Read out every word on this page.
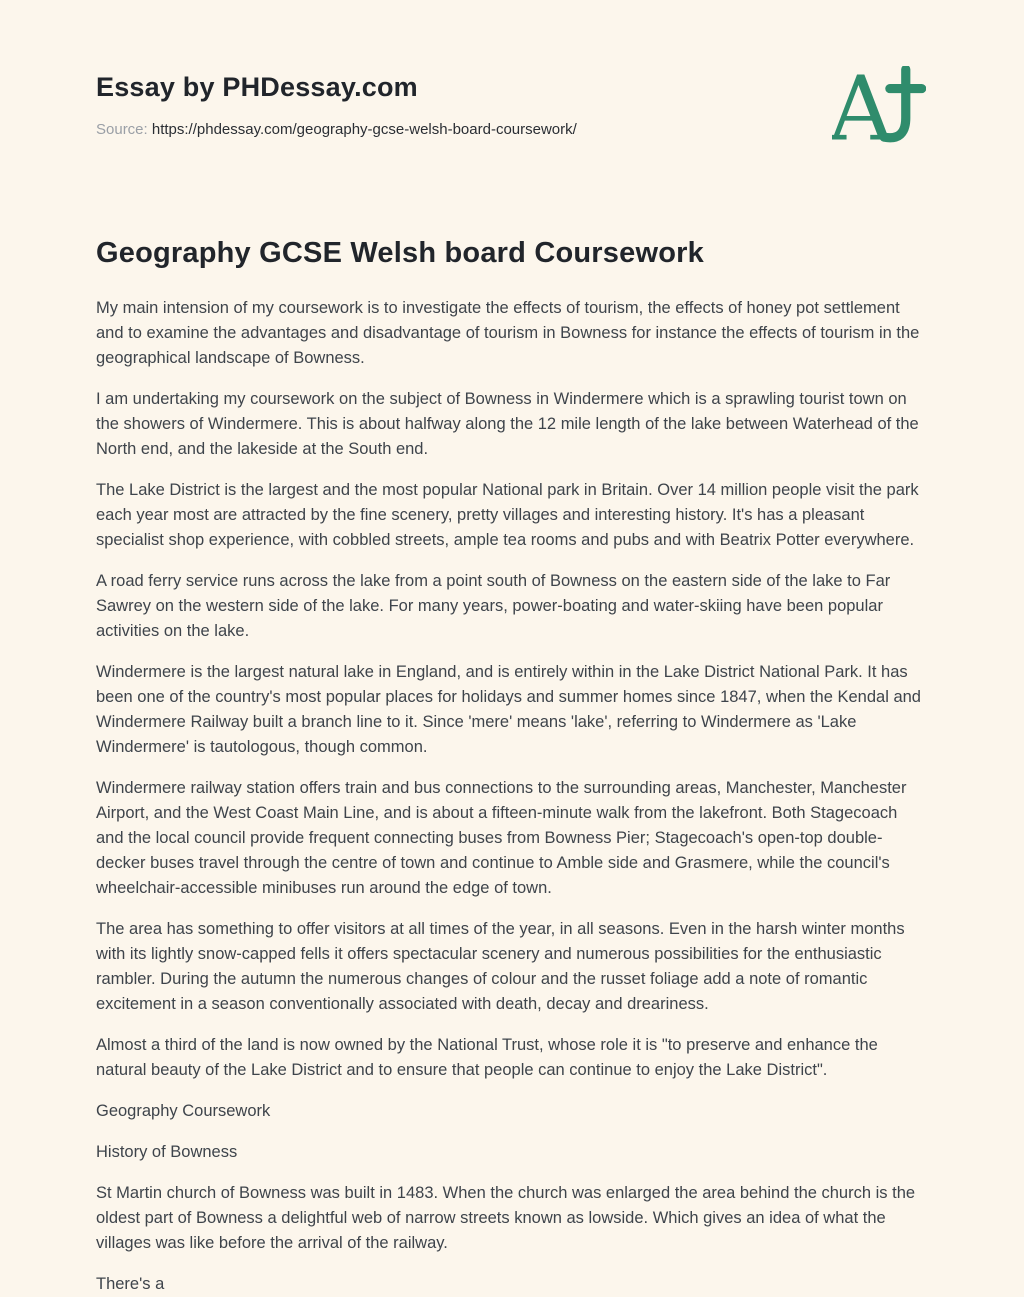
Essay by PHDessay.com

Source: https://phdessay.com/geography-gcse-welsh-board-coursework/ A
Geography GCSE Welsh board Coursework

My main intension of my coursework is to investigate the effects of tourism, the effects of honey pot settlement and to examine the advantages and disadvantage of tourism in Bowness for instance the effects of tourism in the geographical landscape of Bowness.

I am undertaking my coursework on the subject of Bowness in Windermere which is a sprawling tourist town on the showers of Windermere. This is about halfway along the 12 mile length of the lake between Waterhead of the North end, and the lakeside at the South end.

The Lake District is the largest and the most popular National park in Britain. Over 14 million people visit the park each year most are attracted by the fine scenery, pretty villages and interesting history. It's has a pleasant specialist shop experience, with cobbled streets, ample tea rooms and pubs and with Beatrix Potter everywhere.

A road ferry service runs across the lake from a point south of Bowness on the eastern side of the lake to Far Sawrey on the western side of the lake. For many years, power-boating and water-skiing have been popular activities on the lake.

Windermere is the largest natural lake in England, and is entirely within in the Lake District National Park. It has been one of the country's most popular places for holidays and summer homes since 1847, when the Kendal and Windermere Railway built a branch line to it. Since 'mere' means 'lake', referring to Windermere as 'Lake Windermere' is tautologous, though common.

Windermere railway station offers train and bus connections to the surrounding areas, Manchester, Manchester Airport, and the West Coast Main Line, and is about a fifteen-minute walk from the lakefront. Both Stagecoach and the local council provide frequent connecting buses from Bowness Pier; Stagecoach's open-top double-decker buses travel through the centre of town and continue to Amble side and Grasmere, while the council's wheelchair-accessible minibuses run around the edge of town.

The area has something to offer visitors at all times of the year, in all seasons. Even in the harsh winter months with its lightly snow-capped fells it offers spectacular scenery and numerous possibilities for the enthusiastic rambler. During the autumn the numerous changes of colour and the russet foliage add a note of romantic excitement in a season conventionally associated with death, decay and dreariness.

Almost a third of the land is now owned by the National Trust, whose role it is "to preserve and enhance the natural beauty of the Lake District and to ensure that people can continue to enjoy the Lake District".

Geography Coursework

History of Bowness

St Martin church of Bowness was built in 1483. When the church was enlarged the area behind the church is the oldest part of Bowness a delightful web of narrow streets known as lowside. Which gives an idea of what the villages was like before the arrival of the railway.

There's a
